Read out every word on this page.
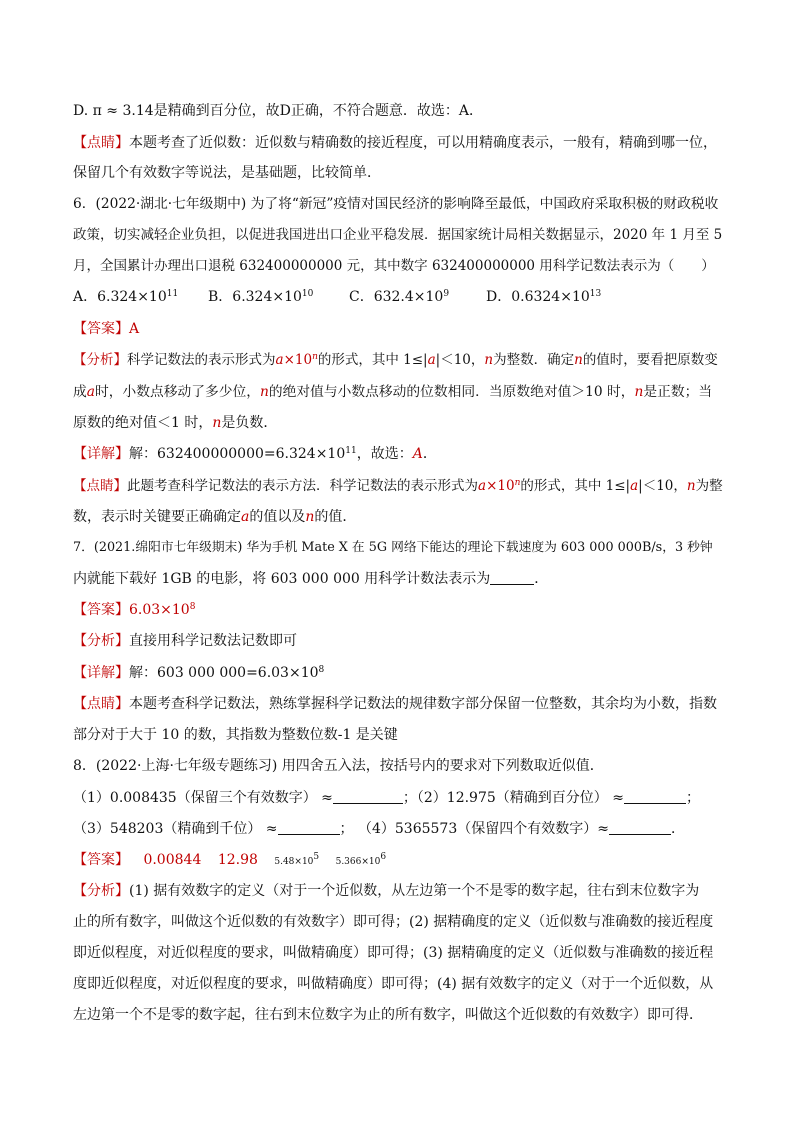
D. π ≈ 3.14是精确到百分位，故D正确，不符合题意．故选：A．
【点睛】本题考查了近似数：近似数与精确数的接近程度，可以用精确度表示，一般有，精确到哪一位，
保留几个有效数字等说法，是基础题，比较简单．
6．(2022·湖北·七年级期中) 为了将“新冠”疫情对国民经济的影响降至最低，中国政府采取积极的财政税收
政策，切实减轻企业负担，以促进我国进出口企业平稳发展．据国家统计局相关数据显示，2020 年 1 月至 5
月，全国累计办理出口退税 632400000000 元，其中数字 632400000000 用科学记数法表示为（　　）
A．$6.324\times 10^{11}$ B．$6.324\times 10^{10}$	C．$632.4\times 10^9$	D．$0.6324\times 10^{13}$
【答案】A
【分析】科学记数法的表示形式为$a\times 10^n$的形式，其中 1≤|a|＜10，n为整数．确定n的值时，要看把原数变
成a时，小数点移动了多少位，n的绝对值与小数点移动的位数相同．当原数绝对值＞10 时，n是正数；当
原数的绝对值＜1 时，n是负数．
【详解】解：$632400000000=6.324\times 10^{11}$，故选：A．
【点睛】此题考查科学记数法的表示方法．科学记数法的表示形式为$a\times 10^n$的形式，其中 1≤|a|＜10，n为整
数，表示时关键要正确确定a的值以及n的值．
7．(2021.绵阳市七年级期末) 华为手机 Mate X 在 5G 网络下能达的理论下载速度为 603 000 000B/s，3 秒钟
内就能下载好 1GB 的电影，将 603 000 000 用科学计数法表示为	．
【答案】$6.03\times 10^8$
【分析】直接用科学记数法记数即可
【详解】解：603 000 $000=6.03\times 10^8$
【点睛】本题考查科学记数法，熟练掌握科学记数法的规律数字部分保留一位整数，其余均为小数，指数
部分对于大于 10 的数，其指数为整数位数-1 是关键
8．(2022·上海·七年级专题练习) 用四舍五入法，按括号内的要求对下列数取近似值．
（1）0.008435（保留三个有效数字） ≈	；（2）12.975（精确到百分位） ≈	；
（3）548203（精确到千位） ≈	； （4）5365573（保留四个有效数字）≈	．
【答案】 0.00844 12.98 $5.48\times 10^5$ $5.366\times 10^6$
【分析】(1) 据有效数字的定义（对于一个近似数，从左边第一个不是零的数字起，往右到末位数字为
止的所有数字，叫做这个近似数的有效数字）即可得；(2) 据精确度的定义（近似数与准确数的接近程度
即近似程度，对近似程度的要求，叫做精确度）即可得；(3) 据精确度的定义（近似数与准确数的接近程
度即近似程度，对近似程度的要求，叫做精确度）即可得；(4) 据有效数字的定义（对于一个近似数，从
左边第一个不是零的数字起，往右到末位数字为止的所有数字，叫做这个近似数的有效数字）即可得．
